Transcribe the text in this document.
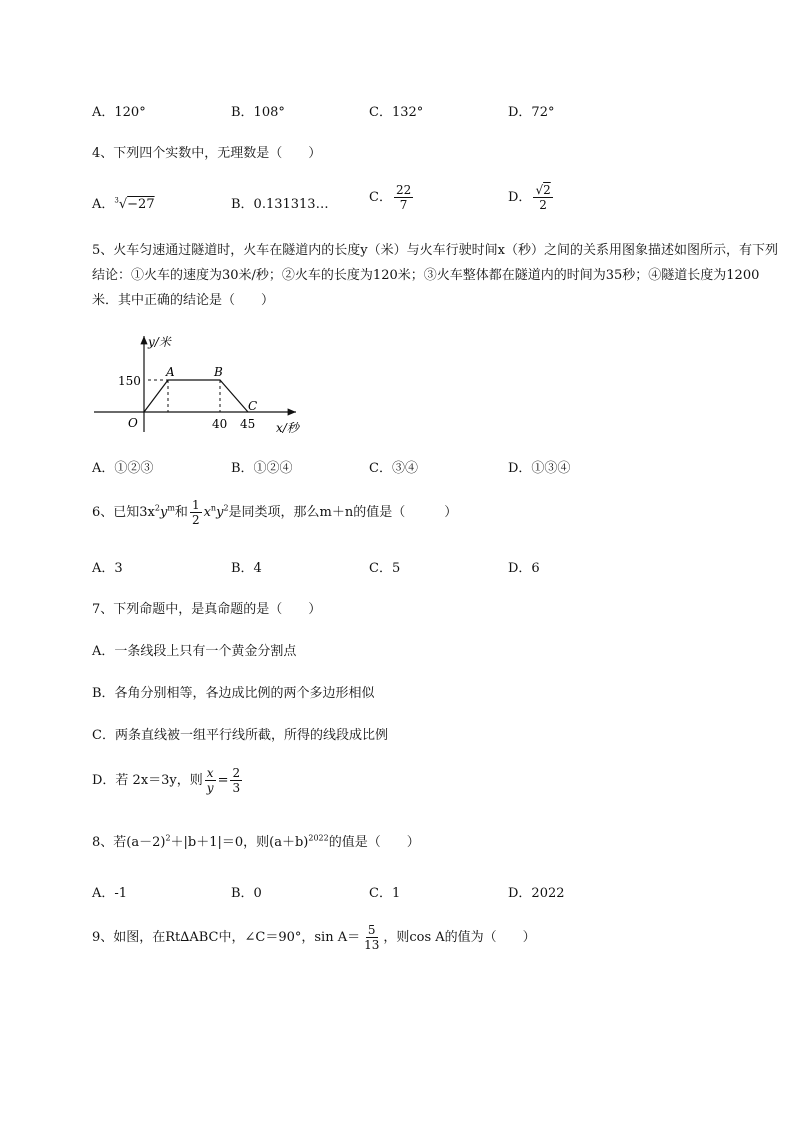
A．120°	B．108°	C．132°	D．72°
4、下列四个实数中，无理数是（　　）
A．$^3$√−27	B．0.131313…	C． $\frac{22}{7}$	D． $\frac{√2}{2}$
5、火车匀速通过隧道时，火车在隧道内的长度y（米）与火车行驶时间x（秒）之间的关系用图象描述如图所示，有下列结论：①火车的速度为30米/秒；②火车的长度为120米；③火车整体都在隧道内的时间为35秒；④隧道长度为1200米．其中正确的结论是（　　）
y/米
x/秒
O
150
40 45
A	B
C
A．①②③	B．①②④	C．③④	D．①③④
6、已知$3x^2y^m$和 $\frac{1}{2} x^ny^2$是同类项，那么m＋n的值是（　　　）
A．3	B．4	C．5	D．6
7、下列命题中，是真命题的是（　　）
A．一条线段上只有一个黄金分割点
B．各角分别相等，各边成比例的两个多边形相似
C．两条直线被一组平行线所截，所得的线段成比例
D．若 2x＝3y，则 $\frac{x}{y} = \frac{2}{3}$
8、若$(a-2)^2+|b+1|=0$，则$(a+b)^{2022}$的值是（　　）
A．-1	B．0	C．1	D．2022
9、如图，在Rt∆ABC中，∠C＝90°，$\sin A= \frac{5}{13}$ ，则cos A的值为（　　）
